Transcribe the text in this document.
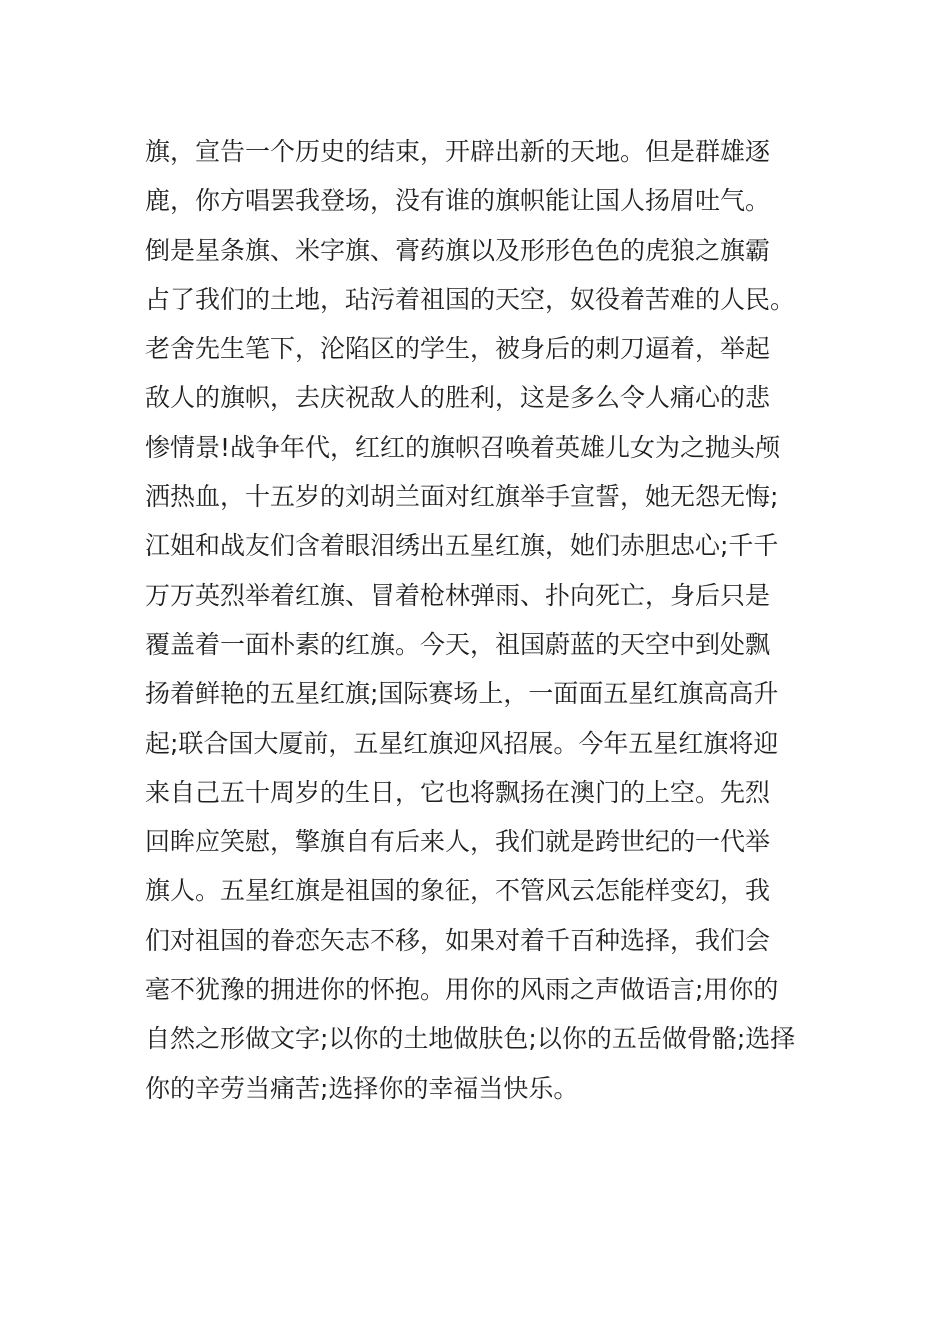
旗，宣告一个历史的结束，开辟出新的天地。但是群雄逐
鹿，你方唱罢我登场，没有谁的旗帜能让国人扬眉吐气。
倒是星条旗、米字旗、膏药旗以及形形色色的虎狼之旗霸
占了我们的土地，玷污着祖国的天空，奴役着苦难的人民。
老舍先生笔下，沦陷区的学生，被身后的刺刀逼着，举起
敌人的旗帜，去庆祝敌人的胜利，这是多么令人痛心的悲
惨情景!战争年代，红红的旗帜召唤着英雄儿女为之抛头颅
洒热血，十五岁的刘胡兰面对红旗举手宣誓，她无怨无悔;
江姐和战友们含着眼泪绣出五星红旗，她们赤胆忠心;千千
万万英烈举着红旗、冒着枪林弹雨、扑向死亡，身后只是
覆盖着一面朴素的红旗。今天，祖国蔚蓝的天空中到处飘
扬着鲜艳的五星红旗;国际赛场上，一面面五星红旗高高升
起;联合国大厦前，五星红旗迎风招展。今年五星红旗将迎
来自己五十周岁的生日，它也将飘扬在澳门的上空。先烈
回眸应笑慰，擎旗自有后来人，我们就是跨世纪的一代举
旗人。五星红旗是祖国的象征，不管风云怎能样变幻，我
们对祖国的眷恋矢志不移，如果对着千百种选择，我们会
毫不犹豫的拥进你的怀抱。用你的风雨之声做语言;用你的
自然之形做文字;以你的土地做肤色;以你的五岳做骨骼;选择
你的辛劳当痛苦;选择你的幸福当快乐。
